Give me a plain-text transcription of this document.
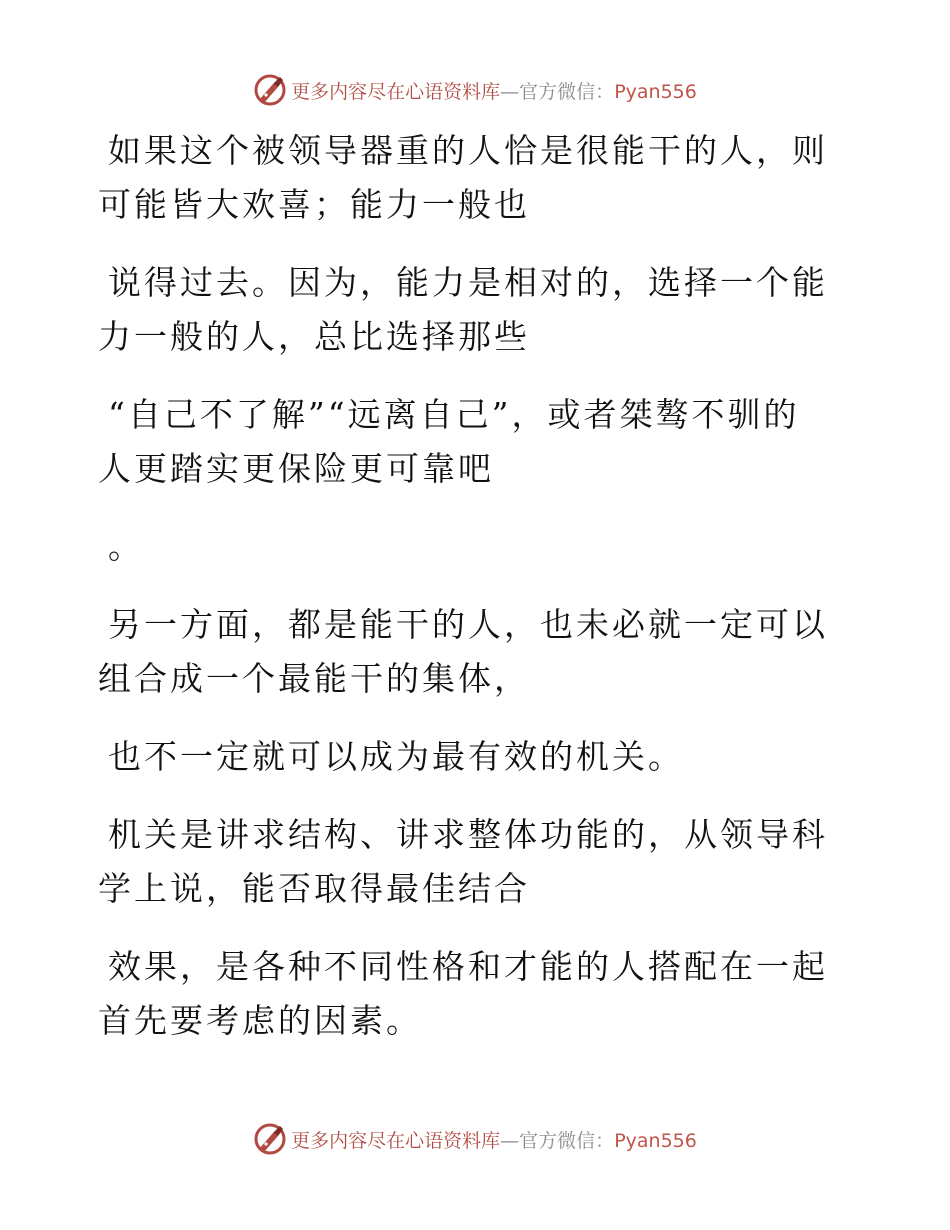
更多内容尽在心语资料库—官方微信：Pyan556

如果这个被领导器重的人恰是很能干的人，则可能皆大欢喜；能力一般也

说得过去。因为，能力是相对的，选择一个能力一般的人，总比选择那些

“自己不了解”“远离自己”，或者桀骜不驯的人更踏实更保险更可靠吧

。

另一方面，都是能干的人，也未必就一定可以组合成一个最能干的集体，

也不一定就可以成为最有效的机关。

机关是讲求结构、讲求整体功能的，从领导科学上说，能否取得最佳结合

效果，是各种不同性格和才能的人搭配在一起首先要考虑的因素。

更多内容尽在心语资料库—官方微信：Pyan556
